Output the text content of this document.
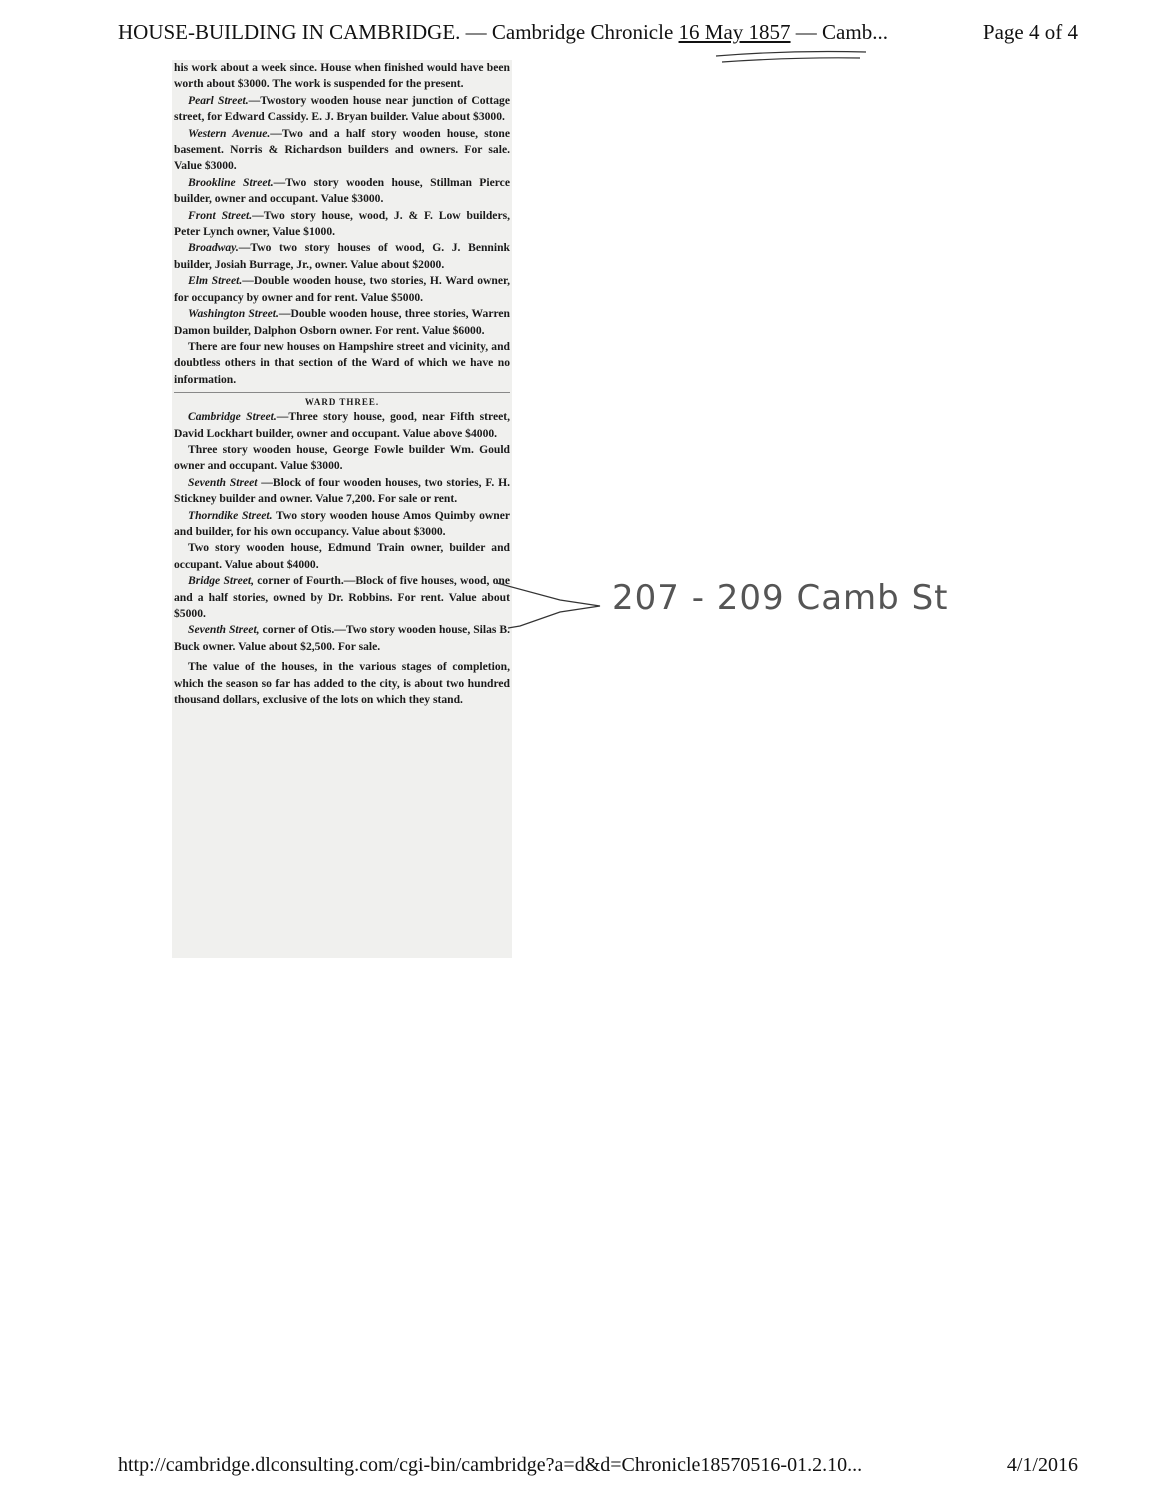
HOUSE-BUILDING IN CAMBRIDGE. — Cambridge Chronicle 16 May 1857 — Camb...	Page 4 of 4

his work about a week since. House when finished would have been worth about $3000. The work is suspended for the present.

Pearl Street.—Twostory wooden house near junction of Cottage street, for Edward Cassidy. E. J. Bryan builder. Value about $3000.

Western Avenue.—Two and a half story wooden house, stone basement. Norris & Richardson builders and owners. For sale. Value $3000.

Brookline Street.—Two story wooden house, Stillman Pierce builder, owner and occupant. Value $3000.

Front Street.—Two story house, wood, J. & F. Low builders, Peter Lynch owner, Value $1000.

Broadway.—Two two story houses of wood, G. J. Bennink builder, Josiah Burrage, Jr., owner. Value about $2000.

Elm Street.—Double wooden house, two stories, H. Ward owner, for occupancy by owner and for rent. Value $5000.

Washington Street.—Double wooden house, three stories, Warren Damon builder, Dalphon Osborn owner. For rent. Value $6000.

There are four new houses on Hampshire street and vicinity, and doubtless others in that section of the Ward of which we have no information.

WARD THREE.

Cambridge Street.—Three story house, good, near Fifth street, David Lockhart builder, owner and occupant. Value above $4000.

Three story wooden house, George Fowle builder Wm. Gould owner and occupant. Value $3000.

Seventh Street —Block of four wooden houses, two stories, F. H. Stickney builder and owner. Value 7,200. For sale or rent.

Thorndike Street. Two story wooden house Amos Quimby owner and builder, for his own occupancy. Value about $3000.

Two story wooden house, Edmund Train owner, builder and occupant. Value about $4000.

Bridge Street, corner of Fourth.—Block of five houses, wood, one and a half stories, owned by Dr. Robbins. For rent. Value about $5000.

Seventh Street, corner of Otis.—Two story wooden house, Silas B. Buck owner. Value about $2,500. For sale.

The value of the houses, in the various stages of completion, which the season so far has added to the city, is about two hundred thousand dollars, exclusive of the lots on which they stand.

207 - 209 Camb St
http://cambridge.dlconsulting.com/cgi-bin/cambridge?a=d&d=Chronicle18570516-01.2.10...	4/1/2016
